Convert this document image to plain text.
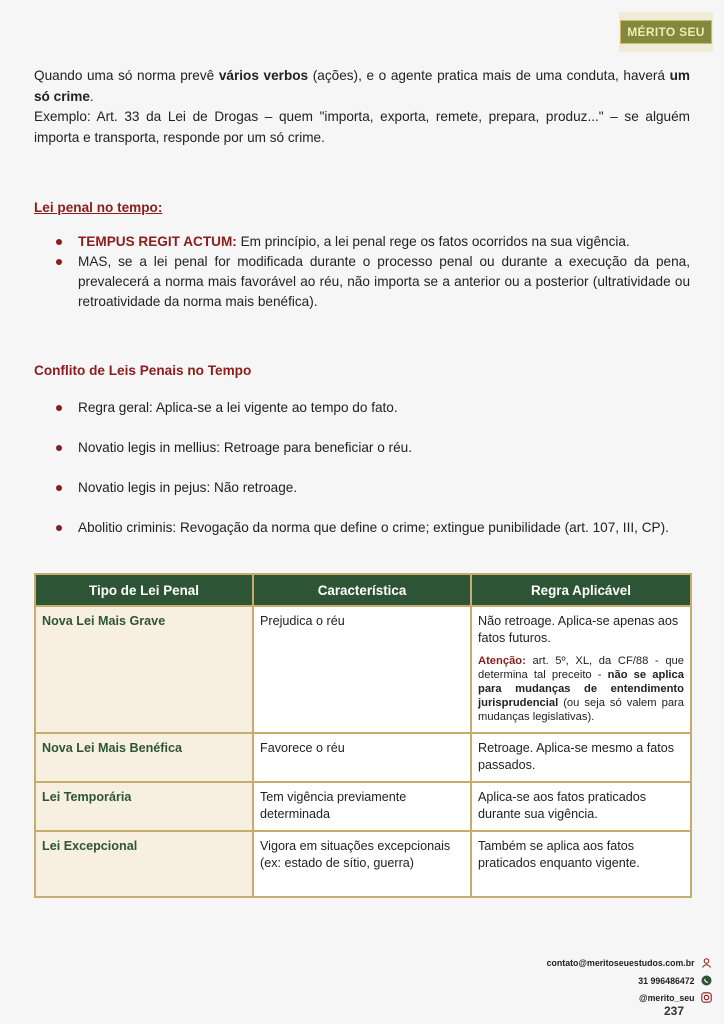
MÉRITO SEU

Quando uma só norma prevê vários verbos (ações), e o agente pratica mais de uma conduta, haverá um só crime.

Exemplo: Art. 33 da Lei de Drogas – quem "importa, exporta, remete, prepara, produz..." – se alguém importa e transporta, responde por um só crime.

Lei penal no tempo:
TEMPUS REGIT ACTUM: Em princípio, a lei penal rege os fatos ocorridos na sua vigência.
MAS, se a lei penal for modificada durante o processo penal ou durante a execução da pena, prevalecerá a norma mais favorável ao réu, não importa se a anterior ou a posterior (ultratividade ou retroatividade da norma mais benéfica).
Conflito de Leis Penais no Tempo
Regra geral: Aplica-se a lei vigente ao tempo do fato.
Novatio legis in mellius: Retroage para beneficiar o réu.
Novatio legis in pejus: Não retroage.
Abolitio criminis: Revogação da norma que define o crime; extingue punibilidade (art. 107, III, CP).
Tipo de Lei Penal	Característica	Regra Aplicável
Nova Lei Mais Grave	Prejudica o réu	Não retroage. Aplica-se apenas aos fatos futuros.
Atenção: art. 5º, XL, da CF/88 - que determina tal preceito - não se aplica para mudanças de entendimento jurisprudencial (ou seja só valem para mudanças legislativas).

Nova Lei Mais Benéfica	Favorece o réu	Retroage. Aplica-se mesmo a fatos passados.
Lei Temporária	Tem vigência previamente determinada	Aplica-se aos fatos praticados durante sua vigência.
Lei Excepcional	Vigora em situações excepcionais (ex: estado de sítio, guerra)	Também se aplica aos fatos praticados enquanto vigente.
contato@meritoseuestudos.com.br
31 996486472
@merito_seu
237
